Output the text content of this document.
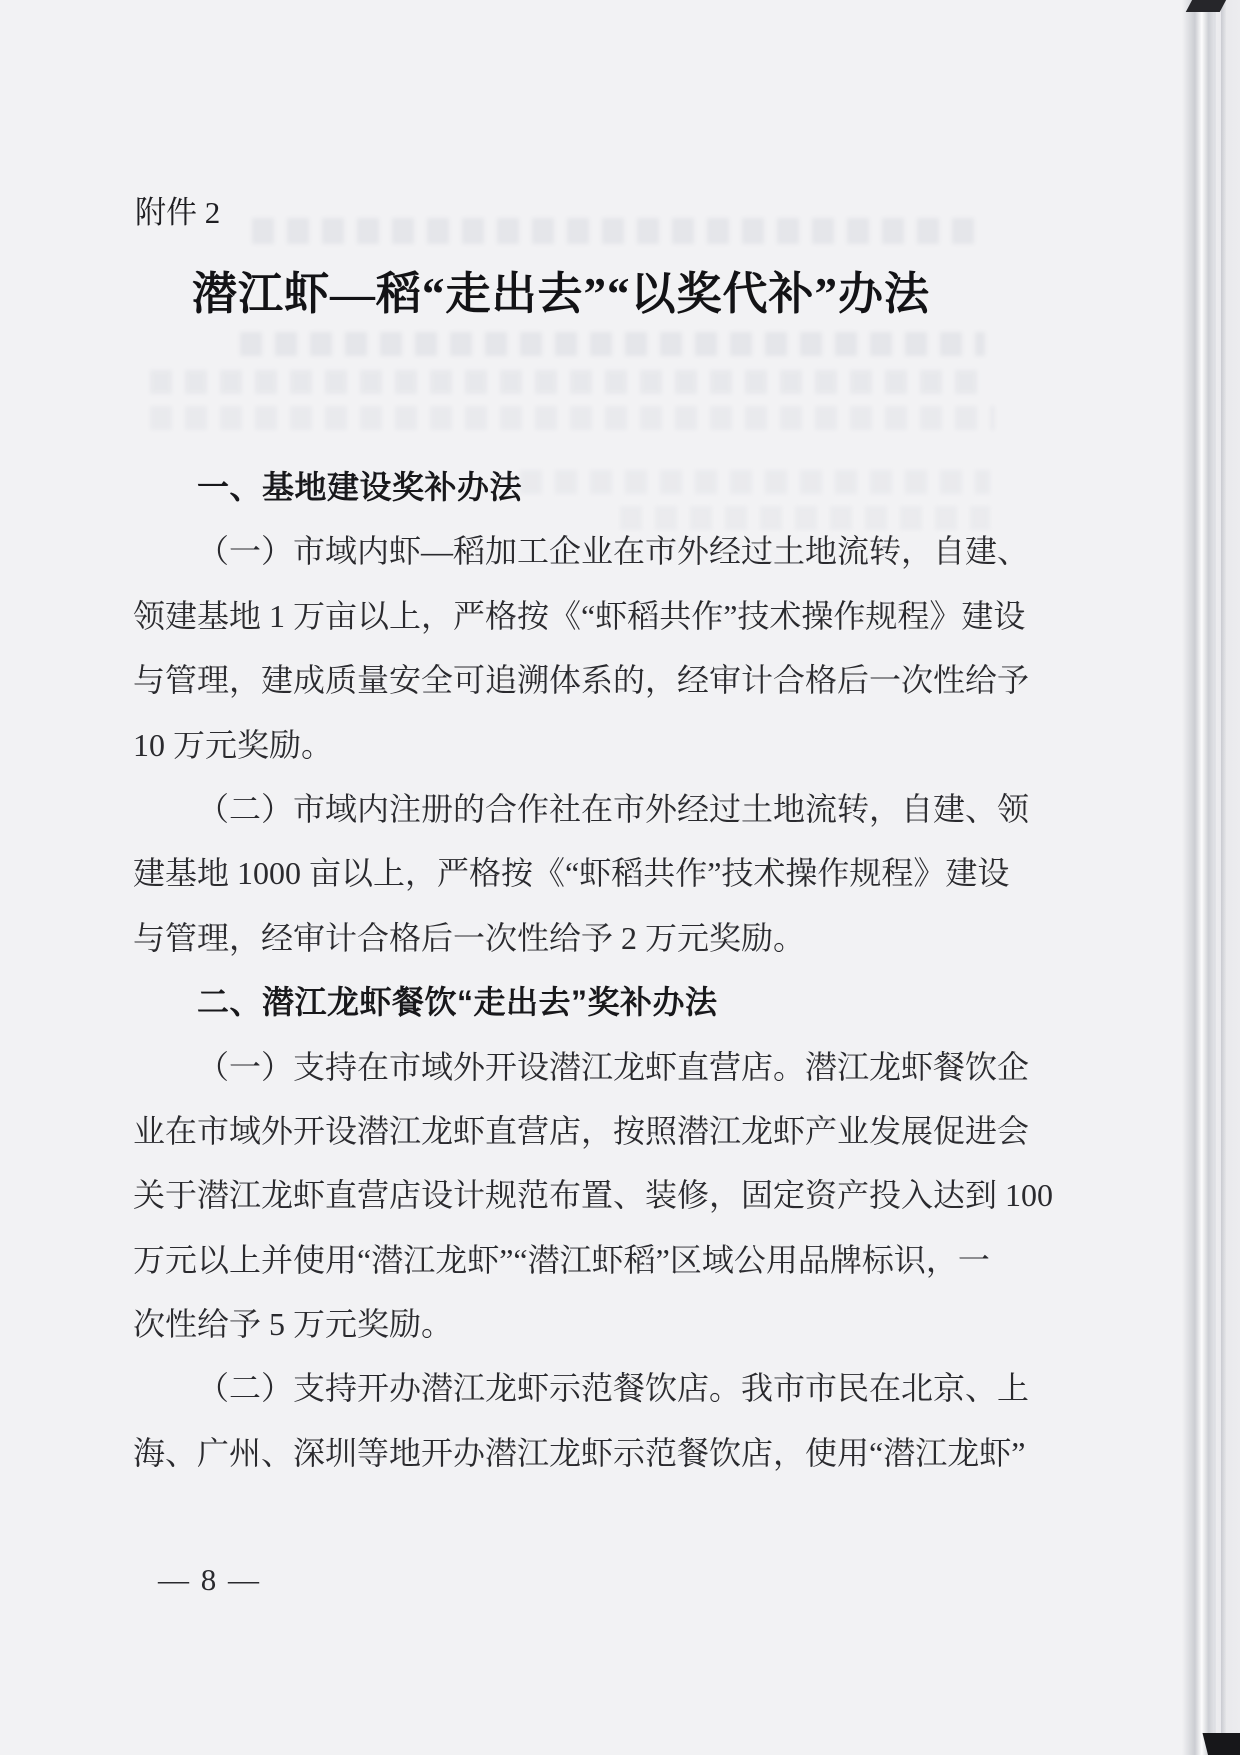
附件 2
潜江虾—稻“走出去”“以奖代补”办法
一、基地建设奖补办法
（一）市域内虾—稻加工企业在市外经过土地流转，自建、
领建基地 1 万亩以上，严格按《“虾稻共作”技术操作规程》建设
与管理，建成质量安全可追溯体系的，经审计合格后一次性给予
10 万元奖励。
（二）市域内注册的合作社在市外经过土地流转，自建、领
建基地 1000 亩以上，严格按《“虾稻共作”技术操作规程》建设
与管理，经审计合格后一次性给予 2 万元奖励。
二、潜江龙虾餐饮“走出去”奖补办法
（一）支持在市域外开设潜江龙虾直营店。潜江龙虾餐饮企
业在市域外开设潜江龙虾直营店，按照潜江龙虾产业发展促进会
关于潜江龙虾直营店设计规范布置、装修，固定资产投入达到 100
万元以上并使用“潜江龙虾”“潜江虾稻”区域公用品牌标识，一
次性给予 5 万元奖励。
（二）支持开办潜江龙虾示范餐饮店。我市市民在北京、上
海、广州、深圳等地开办潜江龙虾示范餐饮店，使用“潜江龙虾”
— 8 —
